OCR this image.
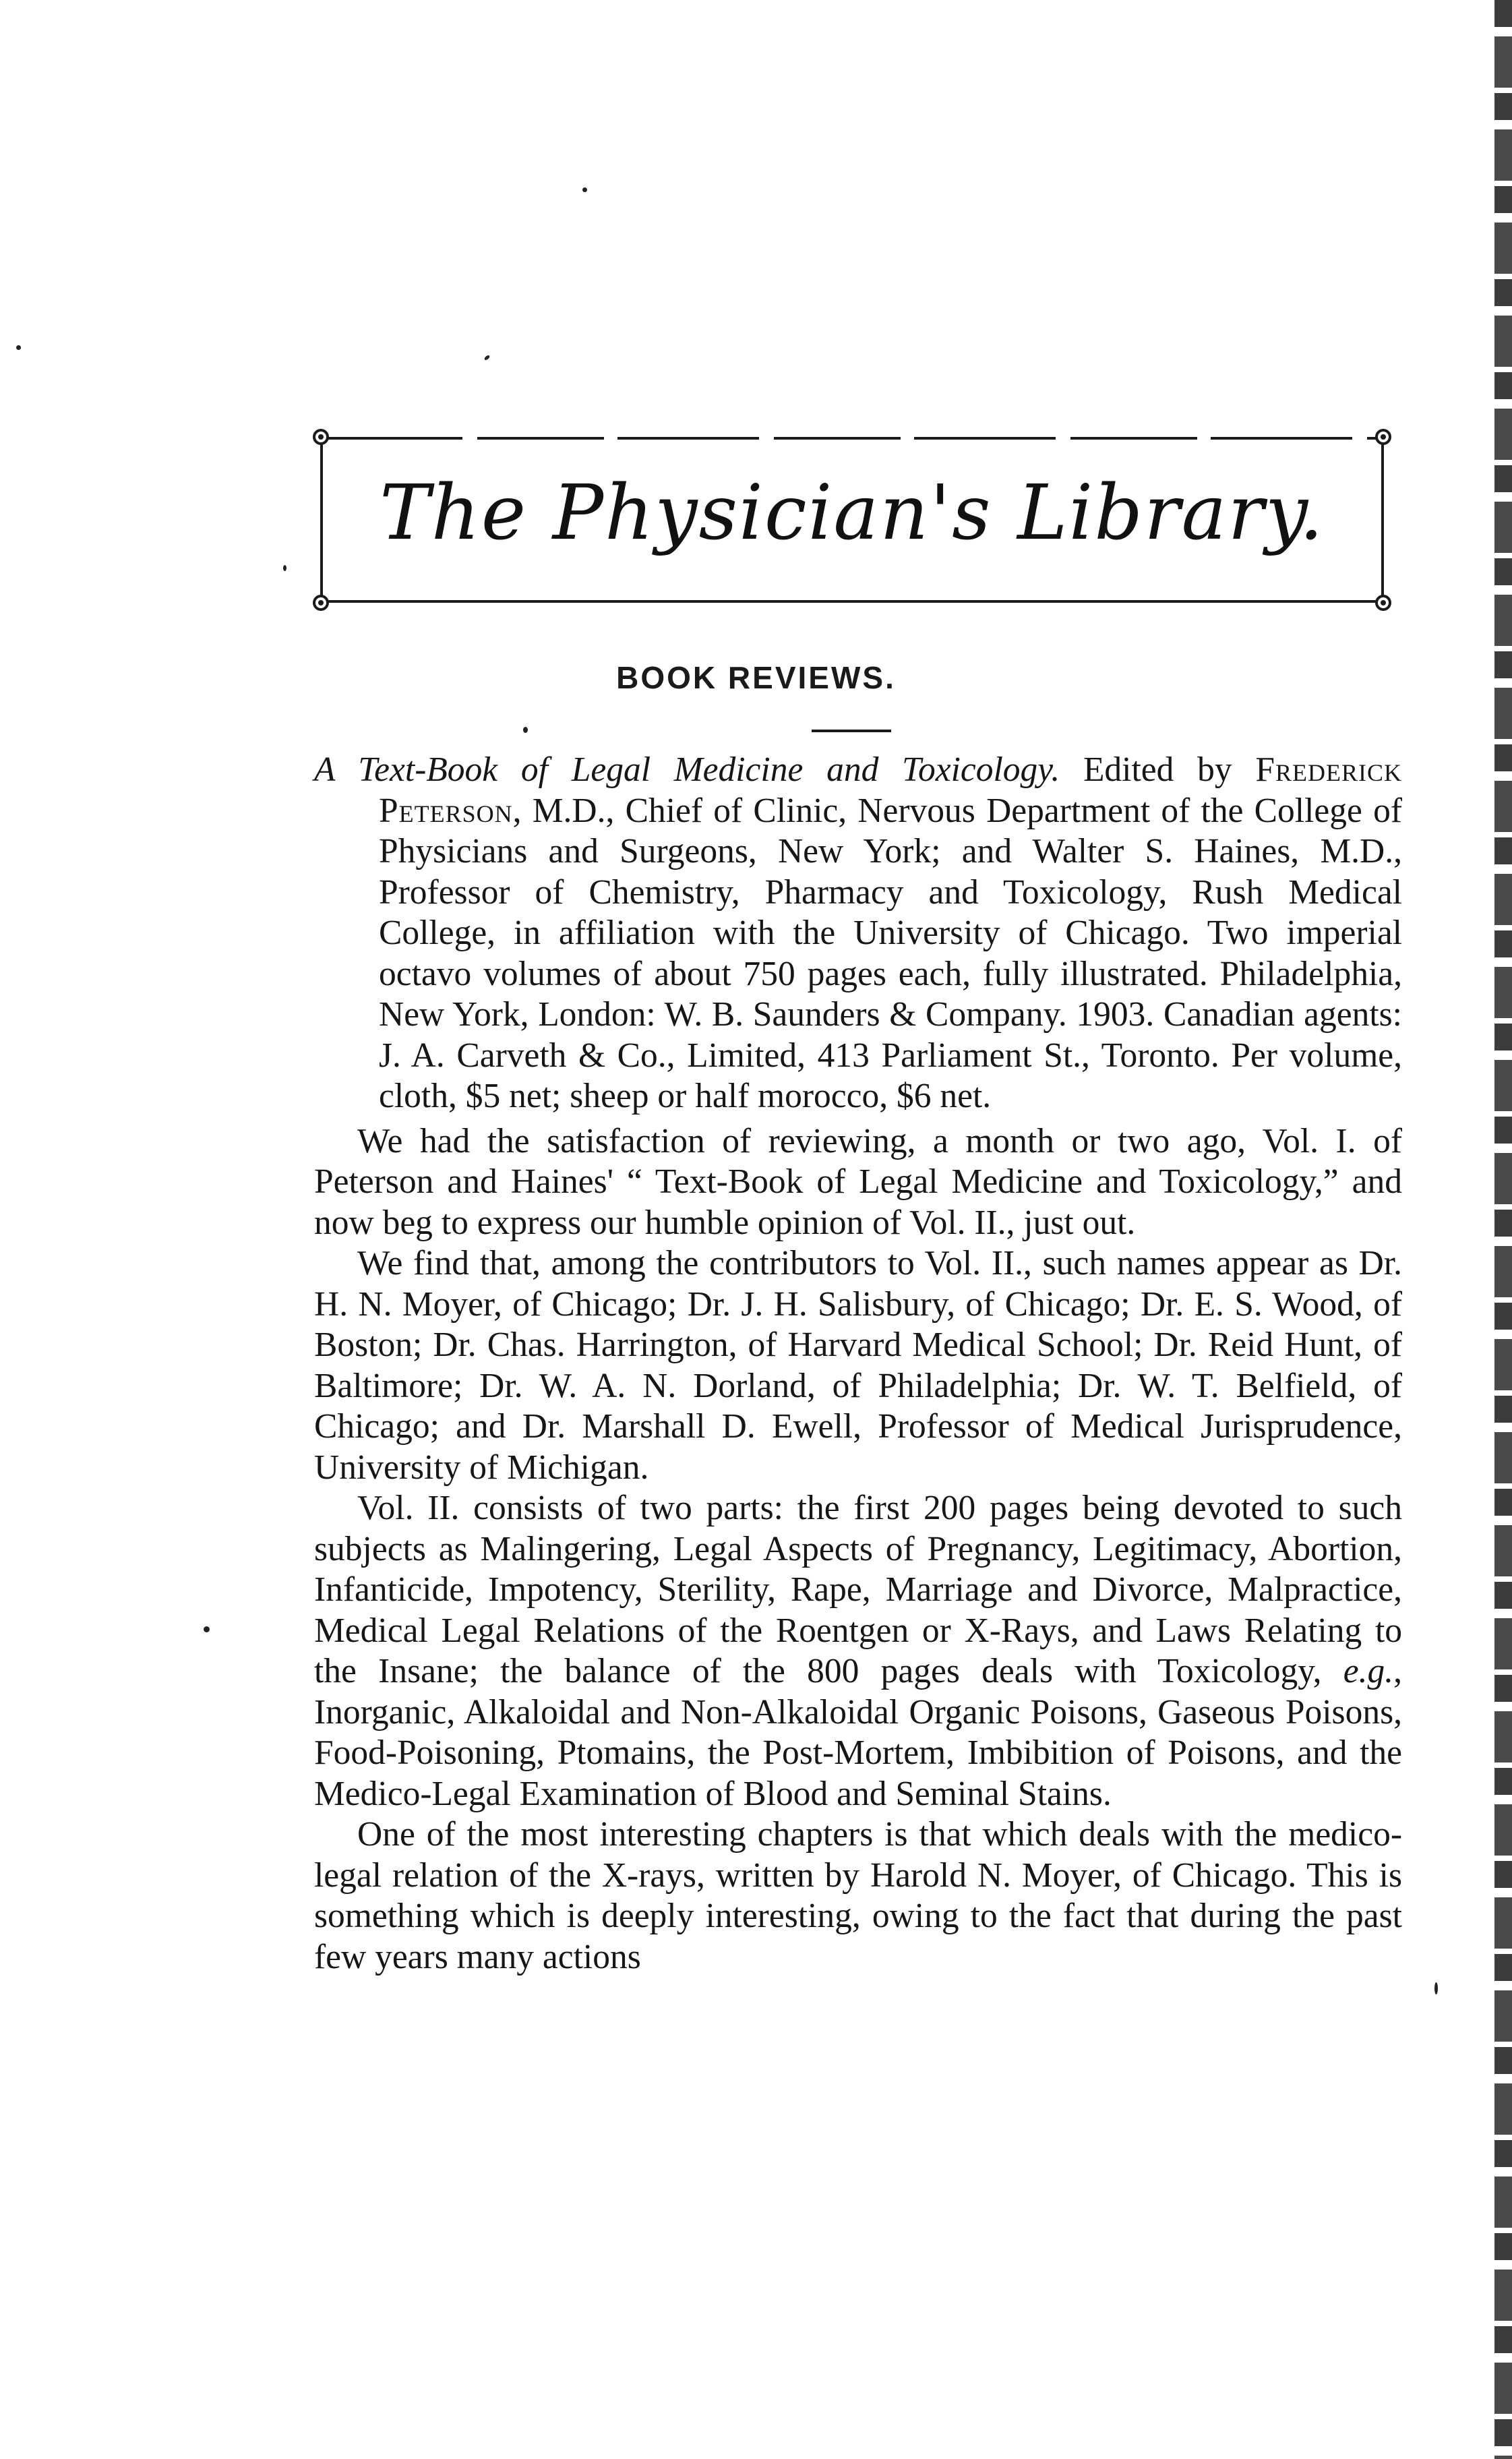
The Physician's Library.
BOOK REVIEWS.

A Text-Book of Legal Medicine and Toxicology. Edited by Frederick Peterson, M.D., Chief of Clinic, Nervous Department of the College of Physicians and Surgeons, New York; and Walter S. Haines, M.D., Professor of Chemistry, Pharmacy and Toxicology, Rush Medical College, in affiliation with the University of Chicago. Two imperial octavo volumes of about 750 pages each, fully illustrated. Philadelphia, New York, London: W. B. Saunders & Company. 1903. Canadian agents: J. A. Carveth & Co., Limited, 413 Parliament St., Toronto. Per volume, cloth, $5 net; sheep or half morocco, $6 net.

We had the satisfaction of reviewing, a month or two ago, Vol. I. of Peterson and Haines' “ Text-Book of Legal Medicine and Toxicology,” and now beg to express our humble opinion of Vol. II., just out.

We find that, among the contributors to Vol. II., such names appear as Dr. H. N. Moyer, of Chicago; Dr. J. H. Salisbury, of Chicago; Dr. E. S. Wood, of Boston; Dr. Chas. Harrington, of Harvard Medical School; Dr. Reid Hunt, of Baltimore; Dr. W. A. N. Dorland, of Philadelphia; Dr. W. T. Belfield, of Chicago; and Dr. Marshall D. Ewell, Professor of Medical Jurisprudence, University of Michigan.

Vol. II. consists of two parts: the first 200 pages being devoted to such subjects as Malingering, Legal Aspects of Pregnancy, Legitimacy, Abortion, Infanticide, Impotency, Sterility, Rape, Marriage and Divorce, Malpractice, Medical Legal Relations of the Roentgen or X-Rays, and Laws Relating to the Insane; the balance of the 800 pages deals with Toxicology, e.g., Inorganic, Alkaloidal and Non-Alkaloidal Organic Poisons, Gaseous Poisons, Food-Poisoning, Ptomains, the Post-Mortem, Imbibition of Poisons, and the Medico-Legal Examination of Blood and Seminal Stains.

One of the most interesting chapters is that which deals with the medico-legal relation of the X-rays, written by Harold N. Moyer, of Chicago. This is something which is deeply interesting, owing to the fact that during the past few years many actions
